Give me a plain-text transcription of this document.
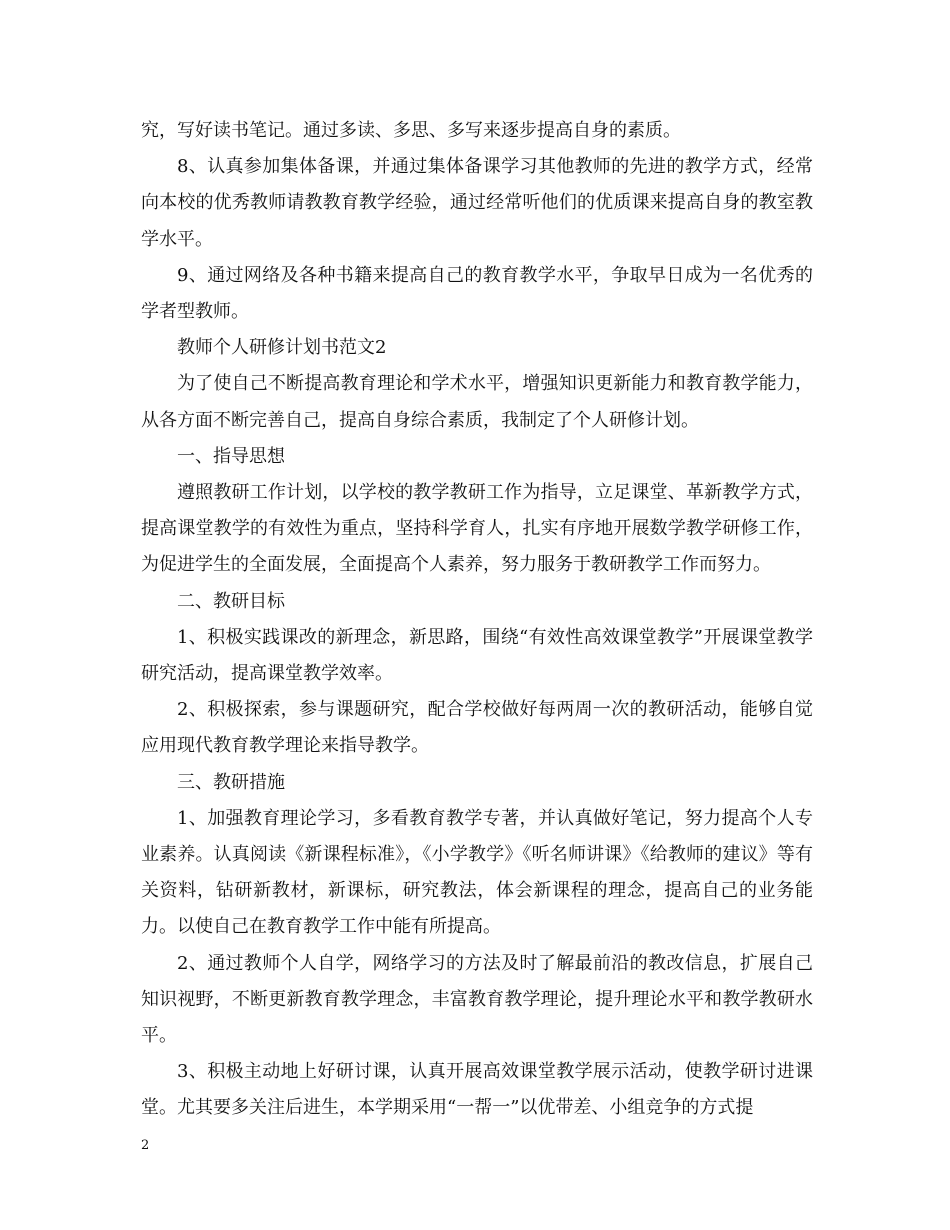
究，写好读书笔记。通过多读、多思、多写来逐步提高自身的素质。

8、认真参加集体备课，并通过集体备课学习其他教师的先进的教学方式，经常向本校的优秀教师请教教育教学经验，通过经常听他们的优质课来提高自身的教室教学水平。

9、通过网络及各种书籍来提高自己的教育教学水平，争取早日成为一名优秀的学者型教师。

教师个人研修计划书范文2

为了使自己不断提高教育理论和学术水平，增强知识更新能力和教育教学能力，从各方面不断完善自己，提高自身综合素质，我制定了个人研修计划。

一、指导思想

遵照教研工作计划，以学校的教学教研工作为指导，立足课堂、革新教学方式，提高课堂教学的有效性为重点，坚持科学育人，扎实有序地开展数学教学研修工作，为促进学生的全面发展，全面提高个人素养，努力服务于教研教学工作而努力。

二、教研目标

1、积极实践课改的新理念，新思路，围绕“有效性高效课堂教学”开展课堂教学研究活动，提高课堂教学效率。

2、积极探索，参与课题研究，配合学校做好每两周一次的教研活动，能够自觉应用现代教育教学理论来指导教学。

三、教研措施

1、加强教育理论学习，多看教育教学专著，并认真做好笔记，努力提高个人专业素养。认真阅读《新课程标准》，《小学教学》《听名师讲课》《给教师的建议》等有关资料，钻研新教材，新课标，研究教法，体会新课程的理念，提高自己的业务能力。以使自己在教育教学工作中能有所提高。

2、通过教师个人自学，网络学习的方法及时了解最前沿的教改信息，扩展自己知识视野，不断更新教育教学理念，丰富教育教学理论，提升理论水平和教学教研水平。

3、积极主动地上好研讨课，认真开展高效课堂教学展示活动，使教学研讨进课堂。尤其要多关注后进生，本学期采用“一帮一”以优带差、小组竞争的方式提

2
